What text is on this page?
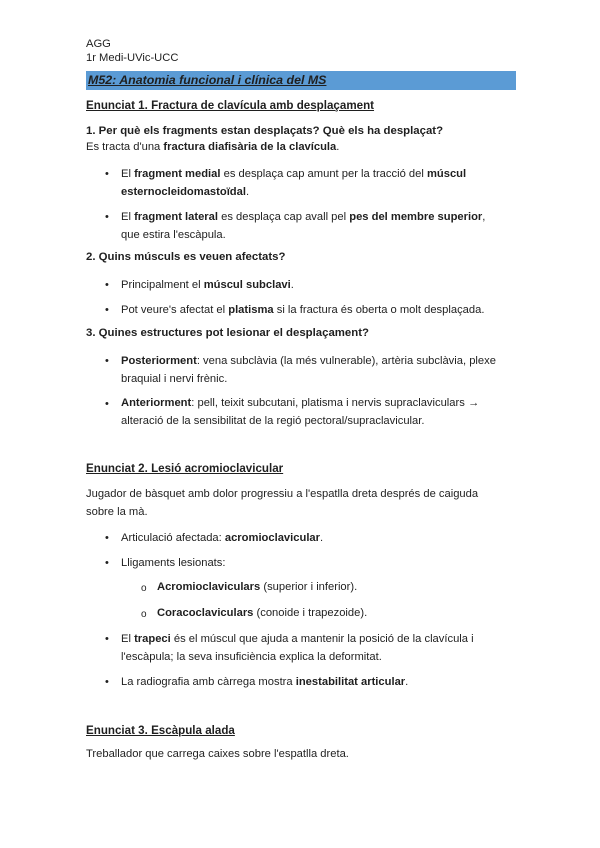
AGG
1r Medi-UVic-UCC
M52: Anatomia funcional i clínica del MS
Enunciat 1. Fractura de clavícula amb desplaçament
1. Per què els fragments estan desplaçats? Què els ha desplaçat?
Es tracta d'una fractura diafisària de la clavícula.
• El fragment medial es desplaça cap amunt per la tracció del múscul
esternocleidomastoïdal.
• El fragment lateral es desplaça cap avall pel pes del membre superior,
que estira l'escàpula.
2. Quins músculs es veuen afectats?
• Principalment el múscul subclavi.
• Pot veure's afectat el platisma si la fractura és oberta o molt desplaçada.
3. Quines estructures pot lesionar el desplaçament?
• Posteriorment: vena subclàvia (la més vulnerable), artèria subclàvia, plexe
braquial i nervi frènic.
• Anteriorment: pell, teixit subcutani, platisma i nervis supraclaviculars →
alteració de la sensibilitat de la regió pectoral/supraclavicular.
Enunciat 2. Lesió acromioclavicular
Jugador de bàsquet amb dolor progressiu a l'espatlla dreta després de caiguda
sobre la mà.
• Articulació afectada: acromioclavicular.
• Lligaments lesionats:
o Acromioclaviculars (superior i inferior).
o Coracoclaviculars (conoide i trapezoide).
• El trapeci és el múscul que ajuda a mantenir la posició de la clavícula i
l'escàpula; la seva insuficiència explica la deformitat.
• La radiografia amb càrrega mostra inestabilitat articular.
Enunciat 3. Escàpula alada
Treballador que carrega caixes sobre l'espatlla dreta.
